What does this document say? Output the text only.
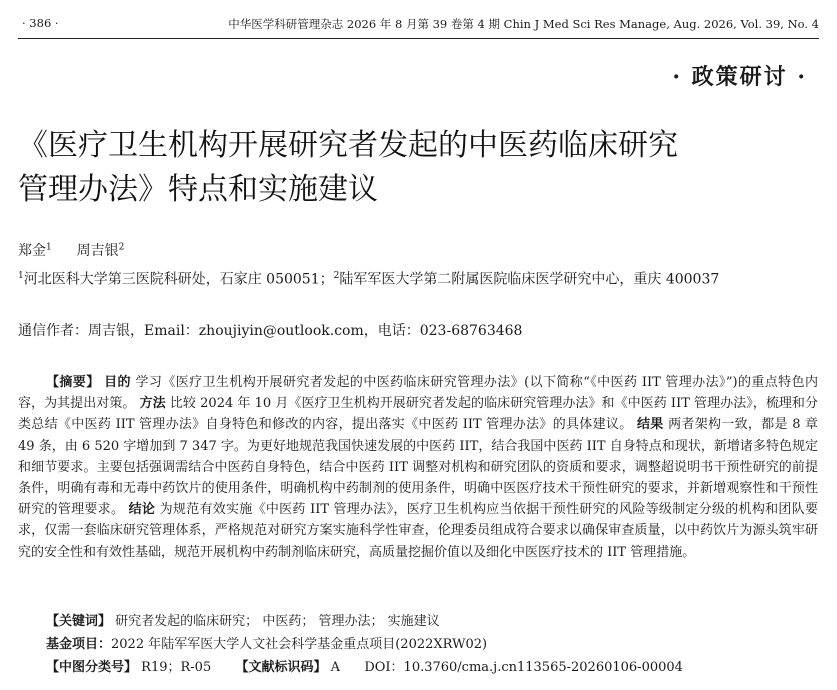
· 386 ·	中华医学科研管理杂志 2026 年 8 月第 39 卷第 4 期 Chin J Med Sci Res Manage, Aug. 2026, Vol. 39, No. 4
· 政策研讨 ·
《医疗卫生机构开展研究者发起的中医药临床研究
管理办法》特点和实施建议
郑金$^1$ 周吉银$^2$
$^1$河北医科大学第三医院科研处，石家庄 050051；$^2$陆军军医大学第二附属医院临床医学研究中心，重庆 400037
通信作者：周吉银，Email：zhoujiyin@outlook.com，电话：023-68763468
【摘要】 目的 学习《医疗卫生机构开展研究者发起的中医药临床研究管理办法》(以下简称“《中医药 IIT 管理办法》”)的重点特色内容，为其提出对策。 方法 比较 2024 年 10 月《医疗卫生机构开展研究者发起的临床研究管理办法》和《中医药 IIT 管理办法》，梳理和分类总结《中医药 IIT 管理办法》自身特色和修改的内容，提出落实《中医药 IIT 管理办法》的具体建议。 结果 两者架构一致，都是 8 章 49 条，由 6 520 字增加到 7 347 字。为更好地规范我国快速发展的中医药 IIT，结合我国中医药 IIT 自身特点和现状，新增诸多特色规定和细节要求。主要包括强调需结合中医药自身特色，结合中医药 IIT 调整对机构和研究团队的资质和要求，调整超说明书干预性研究的前提条件，明确有毒和无毒中药饮片的使用条件，明确机构中药制剂的使用条件，明确中医医疗技术干预性研究的要求，并新增观察性和干预性研究的管理要求。 结论 为规范有效实施《中医药 IIT 管理办法》，医疗卫生机构应当依据干预性研究的风险等级制定分级的机构和团队要求，仅需一套临床研究管理体系，严格规范对研究方案实施科学性审查，伦理委员组成符合要求以确保审查质量，以中药饮片为源头筑牢研究的安全性和有效性基础，规范开展机构中药制剂临床研究，高质量挖掘价值以及细化中医医疗技术的 IIT 管理措施。
【关键词】 研究者发起的临床研究； 中医药； 管理办法； 实施建议
基金项目：2022 年陆军军医大学人文社会科学基金重点项目(2022XRW02)
【中图分类号】 R19；R-05 【文献标识码】 A DOI：10.3760/cma.j.cn113565-20260106-00004
